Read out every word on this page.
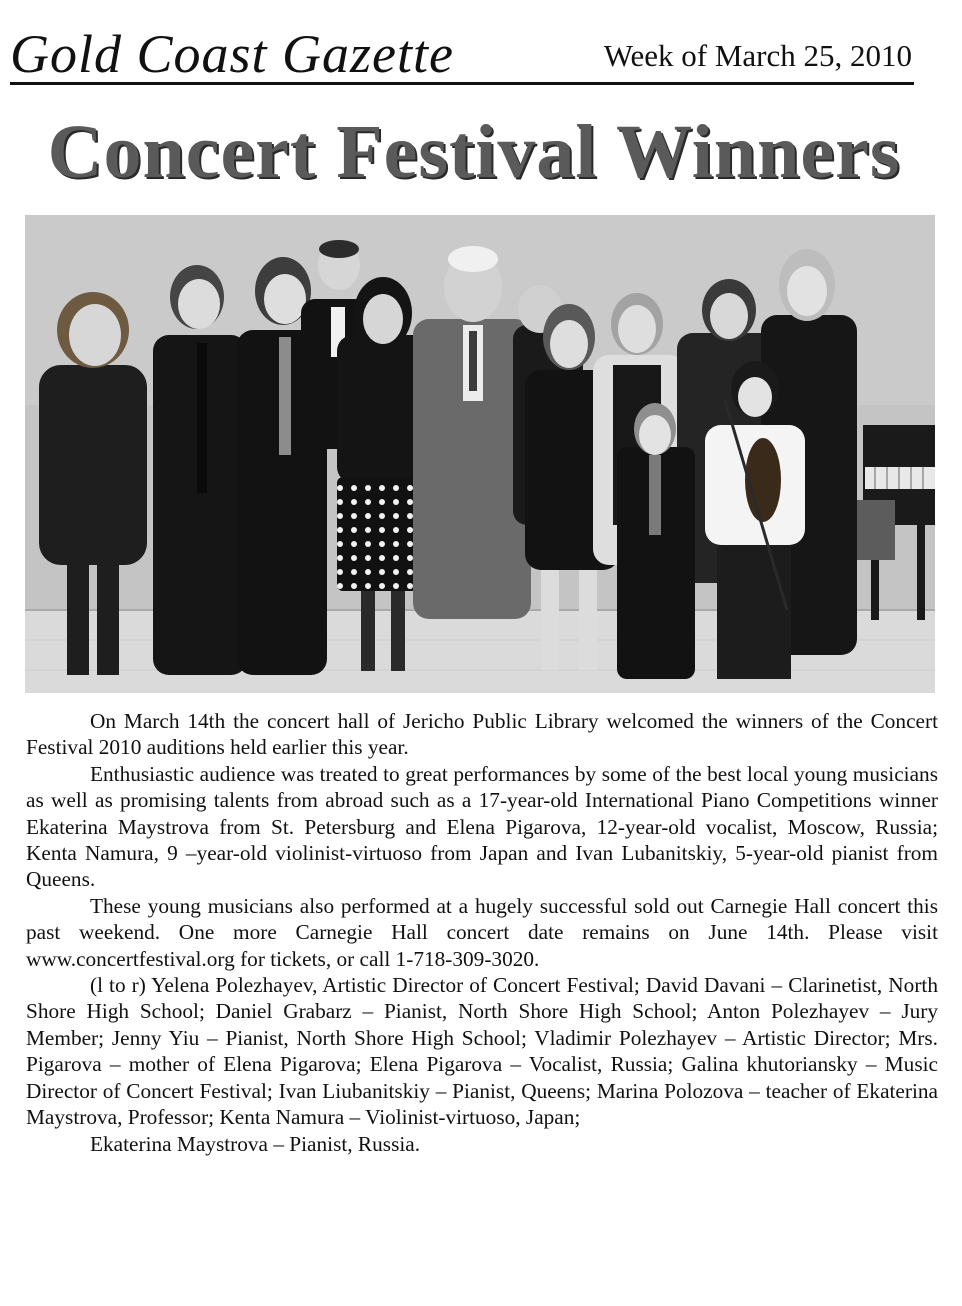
Gold Coast Gazette	Week of March 25, 2010
Concert Festival Winners

On March 14th the concert hall of Jericho Public Library welcomed the winners of the Concert Festival 2010 auditions held earlier this year.

Enthusiastic audience was treated to great performances by some of the best local young musicians as well as promising talents from abroad such as a 17-year-old International Piano Competitions winner Ekaterina Maystrova from St. Petersburg and Elena Pigarova, 12-year-old vocalist, Moscow, Russia; Kenta Namura, 9 –year-old violinist-virtuoso from Japan and Ivan Lubanitskiy, 5-year-old pianist from Queens.

These young musicians also performed at a hugely successful sold out Carnegie Hall concert this past weekend. One more Carnegie Hall concert date remains on June 14th. Please visit www.concertfestival.org for tickets, or call 1-718-309-3020.

(l to r) Yelena Polezhayev, Artistic Director of Concert Festival; David Davani – Clarinetist, North Shore High School; Daniel Grabarz – Pianist, North Shore High School; Anton Polezhayev – Jury Member; Jenny Yiu – Pianist, North Shore High School; Vladimir Polezhayev – Artistic Director; Mrs. Pigarova – mother of Elena Pigarova; Elena Pigarova – Vocalist, Russia; Galina khutoriansky – Music Director of Concert Festival; Ivan Liubanitskiy – Pianist, Queens; Marina Polozova – teacher of Ekaterina Maystrova, Professor; Kenta Namura – Violinist-virtuoso, Japan;

Ekaterina Maystrova – Pianist, Russia.
